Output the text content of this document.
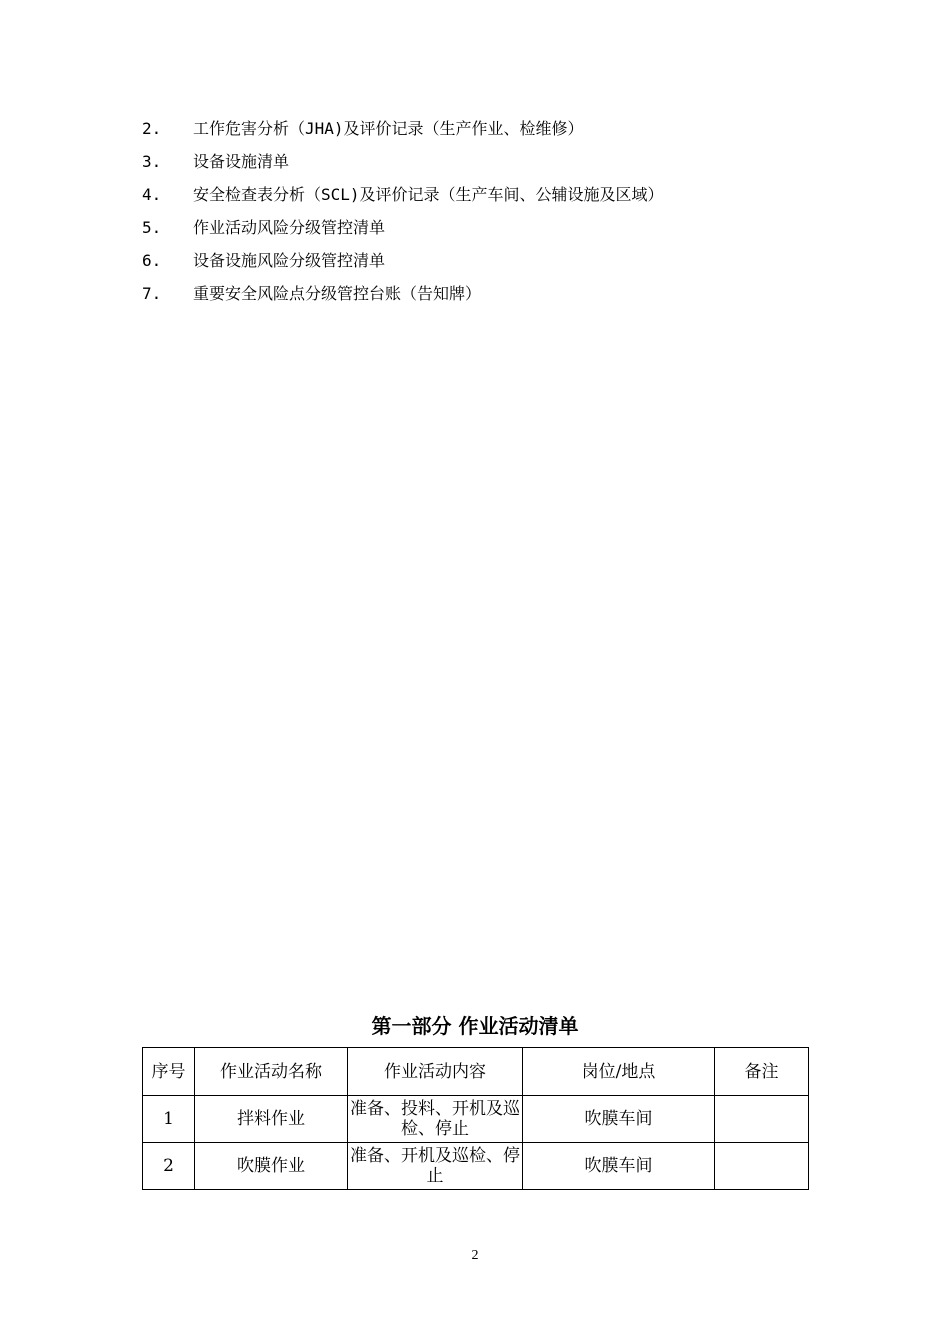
2. 工作危害分析（JHA)及评价记录（生产作业、检维修）
3. 设备设施清单
4. 安全检查表分析（SCL)及评价记录（生产车间、公辅设施及区域）
5. 作业活动风险分级管控清单
6. 设备设施风险分级管控清单
7. 重要安全风险点分级管控台账（告知牌）
第一部分 作业活动清单
序号	作业活动名称	作业活动内容	岗位/地点	备注
1	拌料作业	准备、投料、开机及巡检、停止	吹膜车间	
2	吹膜作业	准备、开机及巡检、停止	吹膜车间	
2
